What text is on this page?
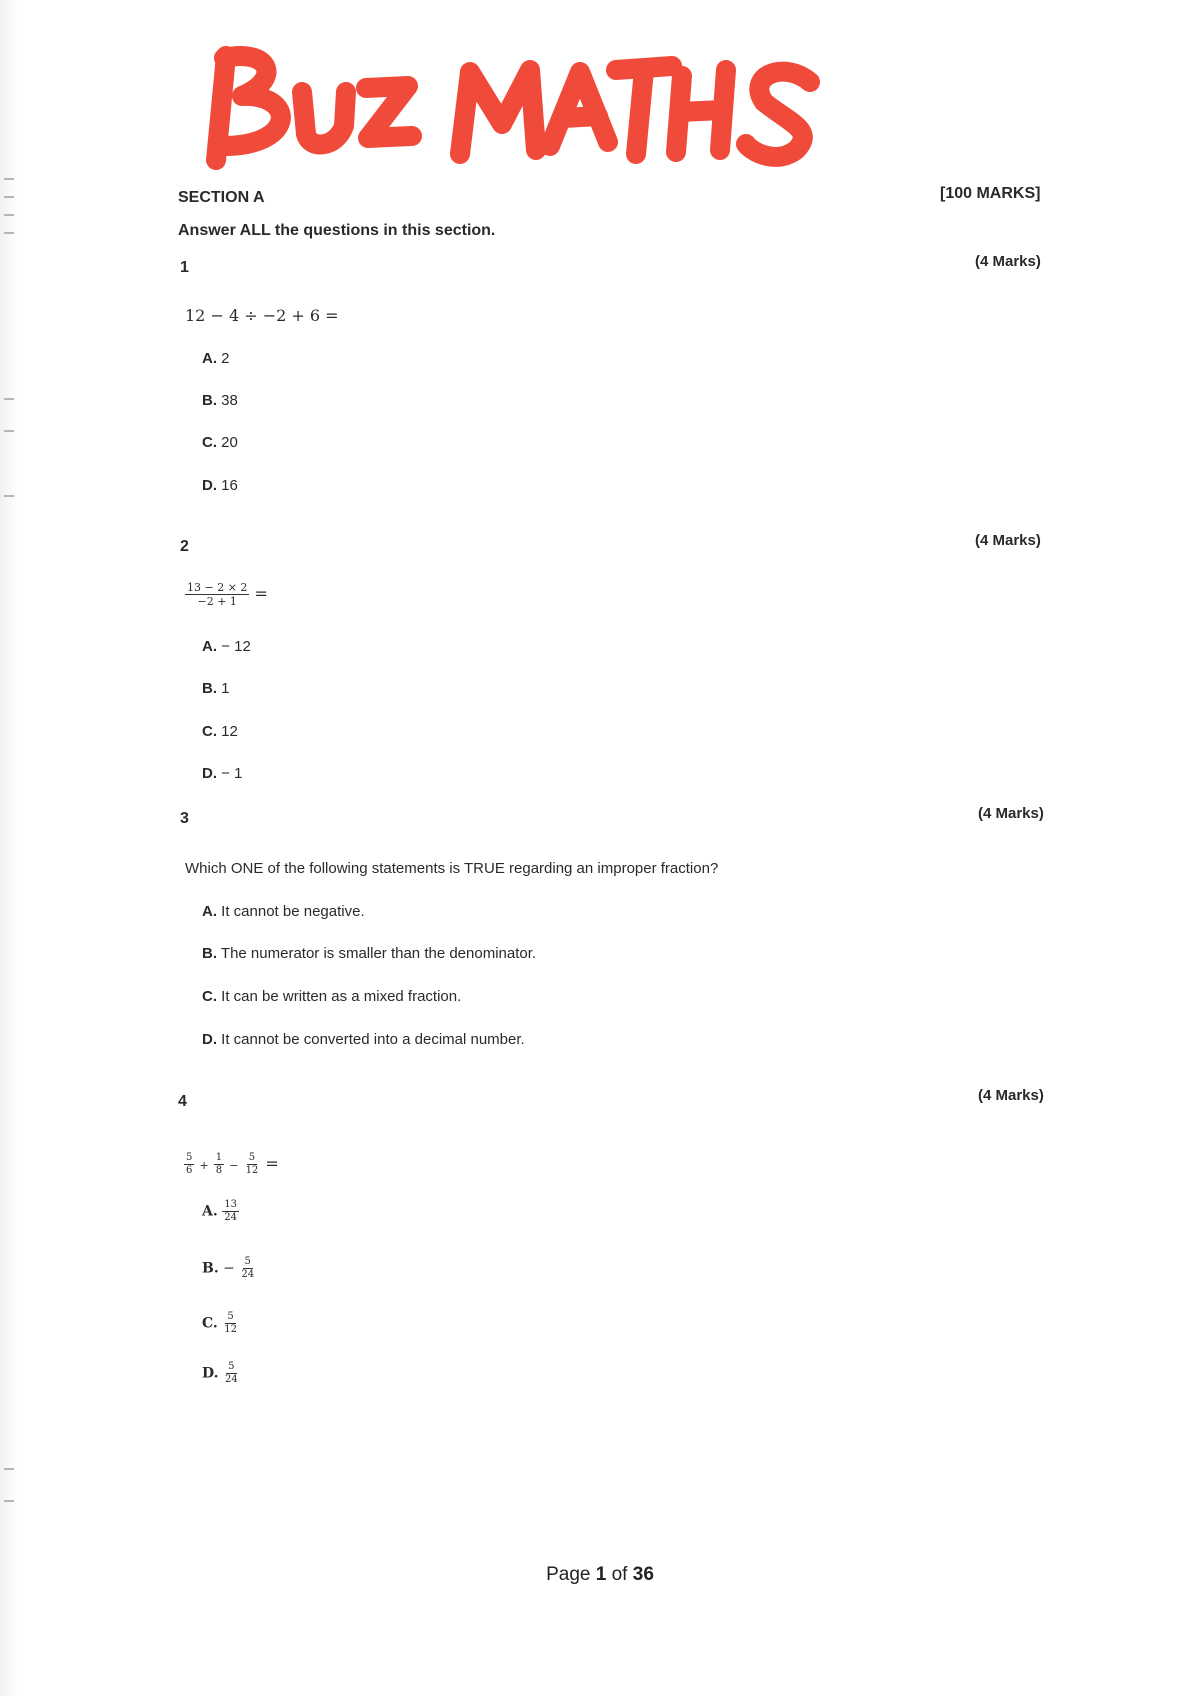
SECTION A	[100 MARKS]
Answer ALL the questions in this section.
1	(4 Marks)
12 − 4 ÷ −2 + 6 =
A. 2
B. 38
C. 20
D. 16
2	(4 Marks)
$\frac{13 - 2 \times 2}{-2 + 1}$ =
A. − 12
B. 1
C. 12
D. − 1
3	(4 Marks)
Which ONE of the following statements is TRUE regarding an improper fraction?
A. It cannot be negative.
B. The numerator is smaller than the denominator.
C. It can be written as a mixed fraction.
D. It cannot be converted into a decimal number.
4	(4 Marks)
$\frac{5}{6} + \frac{1}{8} - \frac{5}{12}$ =
A. $\frac{13}{24}$
B. − $\frac{5}{24}$
C. $\frac{5}{12}$
D. $\frac{5}{24}$
Page 1 of 36
